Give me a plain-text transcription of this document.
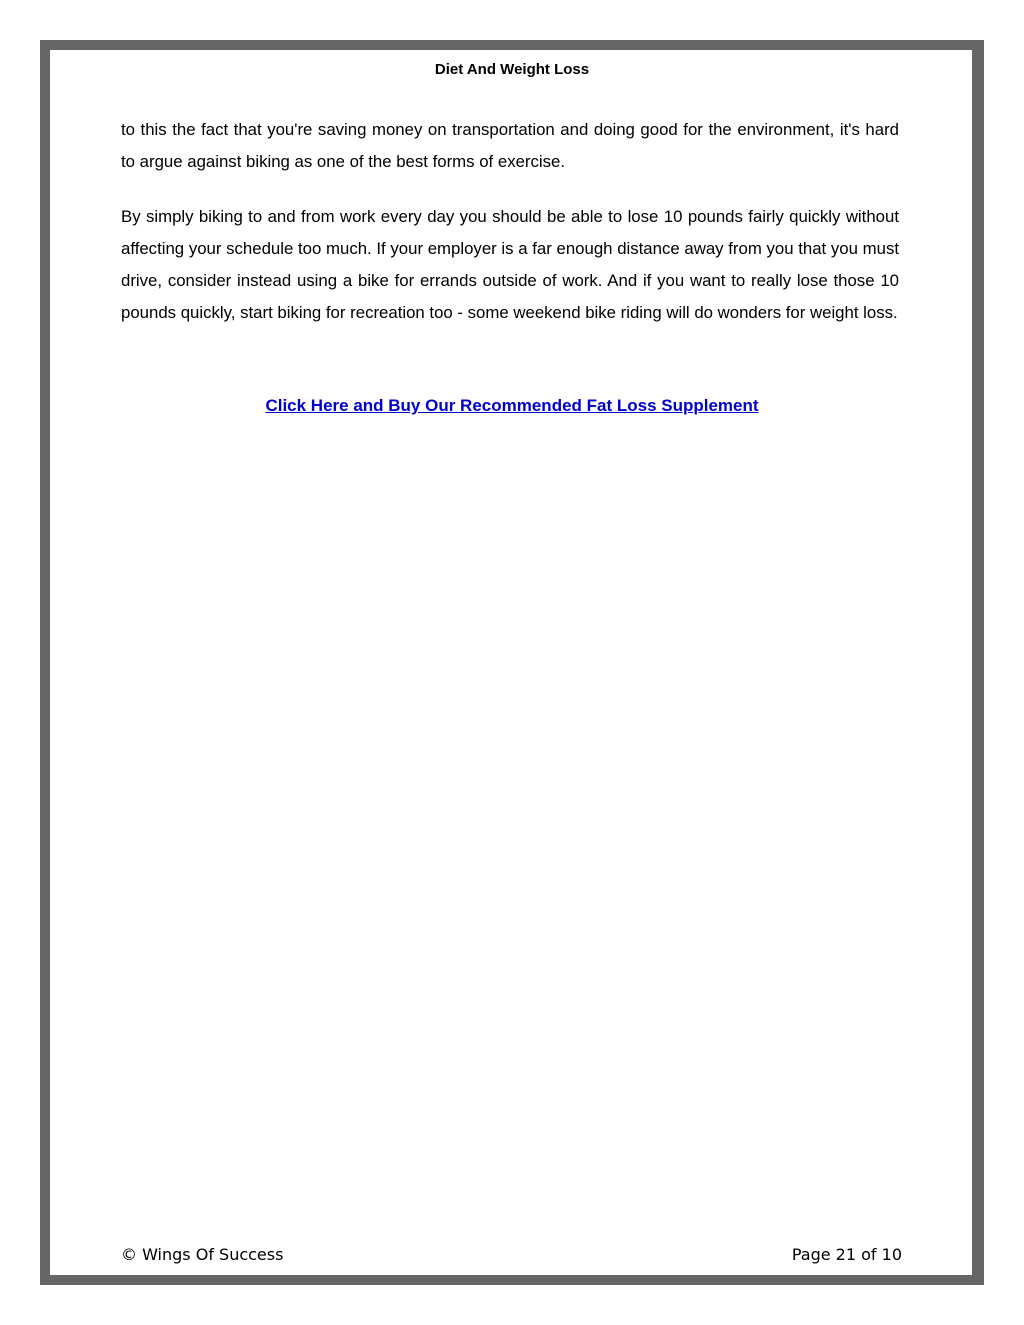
Diet And Weight Loss

to this the fact that you're saving money on transportation and doing good for the environment, it's hard to argue against biking as one of the best forms of exercise.

By simply biking to and from work every day you should be able to lose 10 pounds fairly quickly without affecting your schedule too much. If your employer is a far enough distance away from you that you must drive, consider instead using a bike for errands outside of work. And if you want to really lose those 10 pounds quickly, start biking for recreation too - some weekend bike riding will do wonders for weight loss.

Click Here and Buy Our Recommended Fat Loss Supplement
© Wings Of Success	Page 21 of 10
